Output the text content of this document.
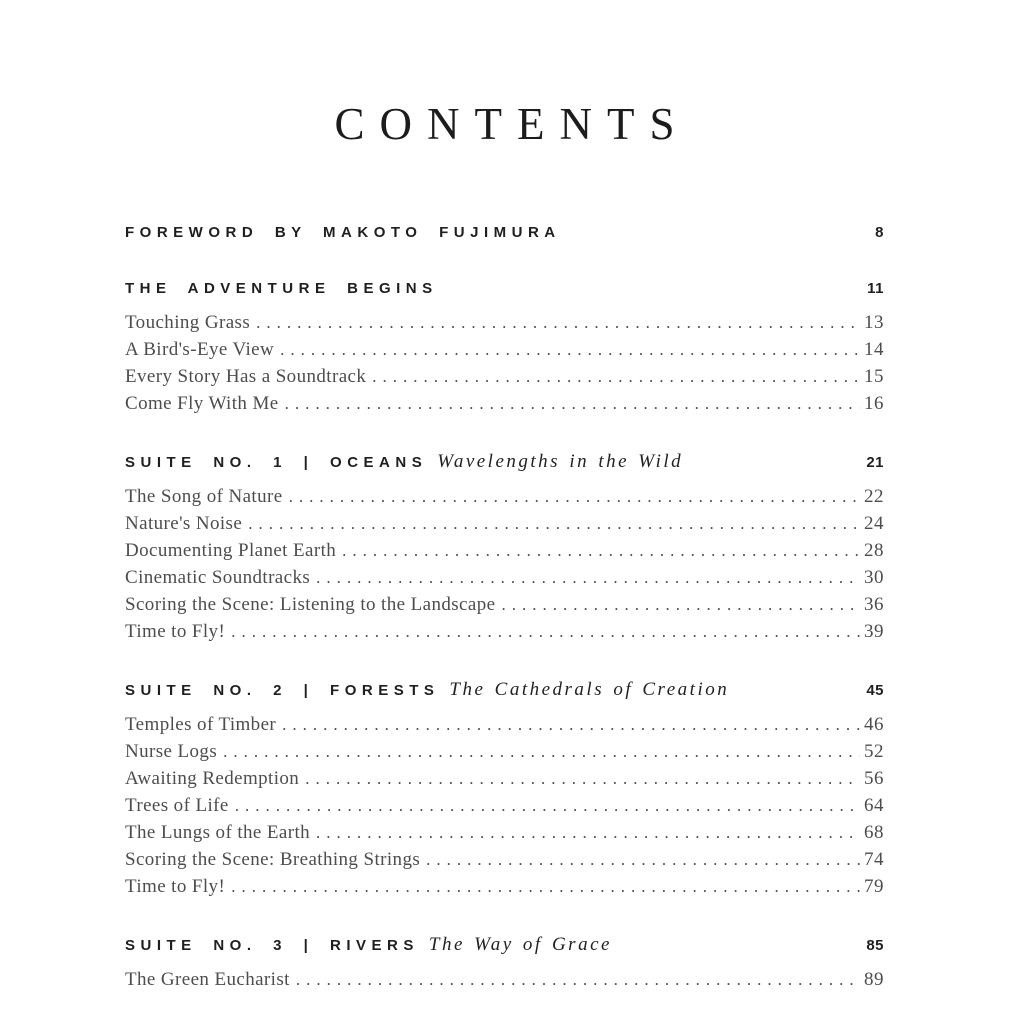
CONTENTS
FOREWORD BY MAKOTO FUJIMURA	8
THE ADVENTURE BEGINS	11
Touching Grass .....	13
A Bird's-Eye View .....	14
Every Story Has a Soundtrack .....	15
Come Fly With Me .....	16
SUITE NO. 1 | OCEANS Wavelengths in the Wild	21
The Song of Nature .....	22
Nature's Noise .....	24
Documenting Planet Earth .....	28
Cinematic Soundtracks .....	30
Scoring the Scene: Listening to the Landscape .....	36
Time to Fly! .....	39
SUITE NO. 2 | FORESTS The Cathedrals of Creation	45
Temples of Timber .....	46
Nurse Logs .....	52
Awaiting Redemption .....	56
Trees of Life .....	64
The Lungs of the Earth .....	68
Scoring the Scene: Breathing Strings .....	74
Time to Fly! .....	79
SUITE NO. 3 | RIVERS The Way of Grace	85
The Green Eucharist .....	89
